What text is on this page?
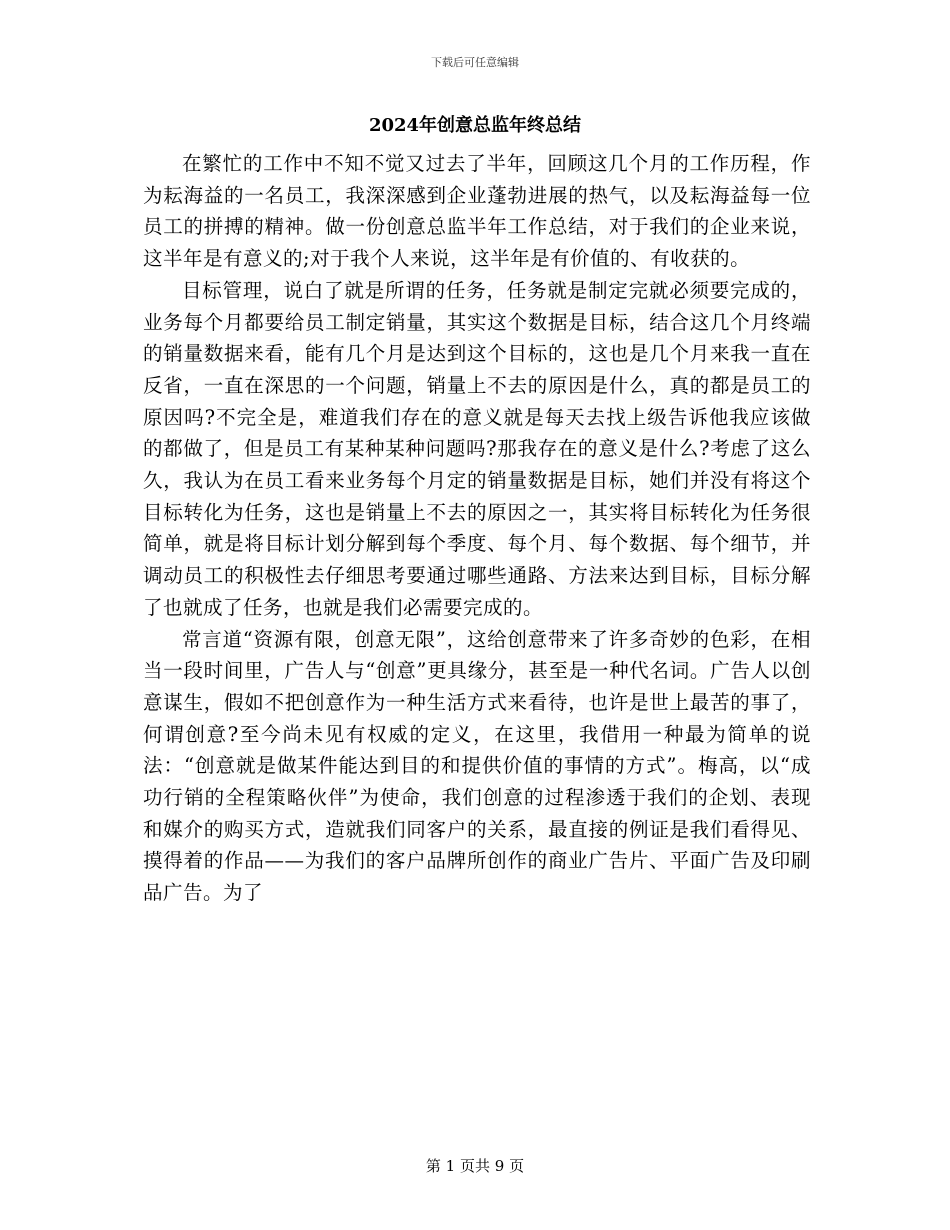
下载后可任意编辑
2024年创意总监年终总结

在繁忙的工作中不知不觉又过去了半年，回顾这几个月的工作历程，作为耘海益的一名员工，我深深感到企业蓬勃进展的热气，以及耘海益每一位员工的拼搏的精神。做一份创意总监半年工作总结，对于我们的企业来说，这半年是有意义的;对于我个人来说，这半年是有价值的、有收获的。

目标管理，说白了就是所谓的任务，任务就是制定完就必须要完成的，业务每个月都要给员工制定销量，其实这个数据是目标，结合这几个月终端的销量数据来看，能有几个月是达到这个目标的，这也是几个月来我一直在反省，一直在深思的一个问题，销量上不去的原因是什么，真的都是员工的原因吗?不完全是，难道我们存在的意义就是每天去找上级告诉他我应该做的都做了，但是员工有某种某种问题吗?那我存在的意义是什么?考虑了这么久，我认为在员工看来业务每个月定的销量数据是目标，她们并没有将这个目标转化为任务，这也是销量上不去的原因之一，其实将目标转化为任务很简单，就是将目标计划分解到每个季度、每个月、每个数据、每个细节，并调动员工的积极性去仔细思考要通过哪些通路、方法来达到目标，目标分解了也就成了任务，也就是我们必需要完成的。

常言道“资源有限，创意无限”，这给创意带来了许多奇妙的色彩，在相当一段时间里，广告人与“创意”更具缘分，甚至是一种代名词。广告人以创意谋生，假如不把创意作为一种生活方式来看待，也许是世上最苦的事了，何谓创意?至今尚未见有权威的定义，在这里，我借用一种最为简单的说法：“创意就是做某件能达到目的和提供价值的事情的方式”。梅高，以“成功行销的全程策略伙伴”为使命，我们创意的过程渗透于我们的企划、表现和媒介的购买方式，造就我们同客户的关系，最直接的例证是我们看得见、摸得着的作品——为我们的客户品牌所创作的商业广告片、平面广告及印刷品广告。为了

第 1 页共 9 页
